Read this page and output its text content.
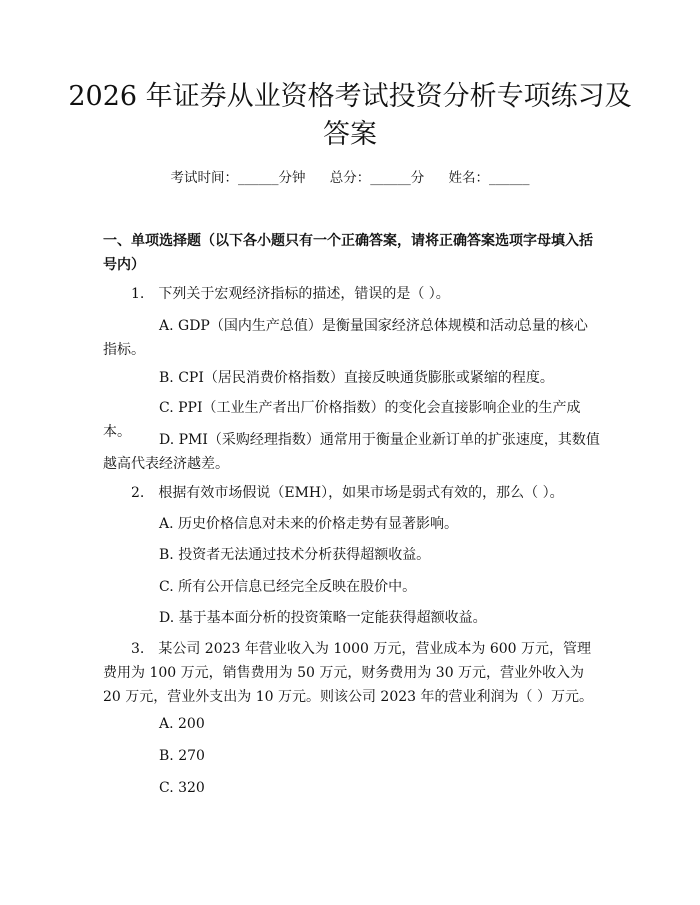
2026 年证券从业资格考试投资分析专项练习及答案
考试时间：______分钟 总分：______分 姓名：______

一、单项选择题（以下各小题只有一个正确答案，请将正确答案选项字母填入括号内）

1.　下列关于宏观经济指标的描述，错误的是（ ）。

A. GDP（国内生产总值）是衡量国家经济总体规模和活动总量的核心指标。

B. CPI（居民消费价格指数）直接反映通货膨胀或紧缩的程度。

C. PPI（工业生产者出厂价格指数）的变化会直接影响企业的生产成本。	D. PMI（采购经理指数）通常用于衡量企业新订单的扩张速度，其数值越高代表经济越差。

2.　根据有效市场假说（EMH），如果市场是弱式有效的，那么（ ）。

A. 历史价格信息对未来的价格走势有显著影响。

B. 投资者无法通过技术分析获得超额收益。

C. 所有公开信息已经完全反映在股价中。

D. 基于基本面分析的投资策略一定能获得超额收益。

3.　某公司 2023 年营业收入为 1000 万元，营业成本为 600 万元，管理费用为 100 万元，销售费用为 50 万元，财务费用为 30 万元，营业外收入为 20 万元，营业外支出为 10 万元。则该公司 2023 年的营业利润为（ ）万元。

A. 200

B. 270

C. 320
